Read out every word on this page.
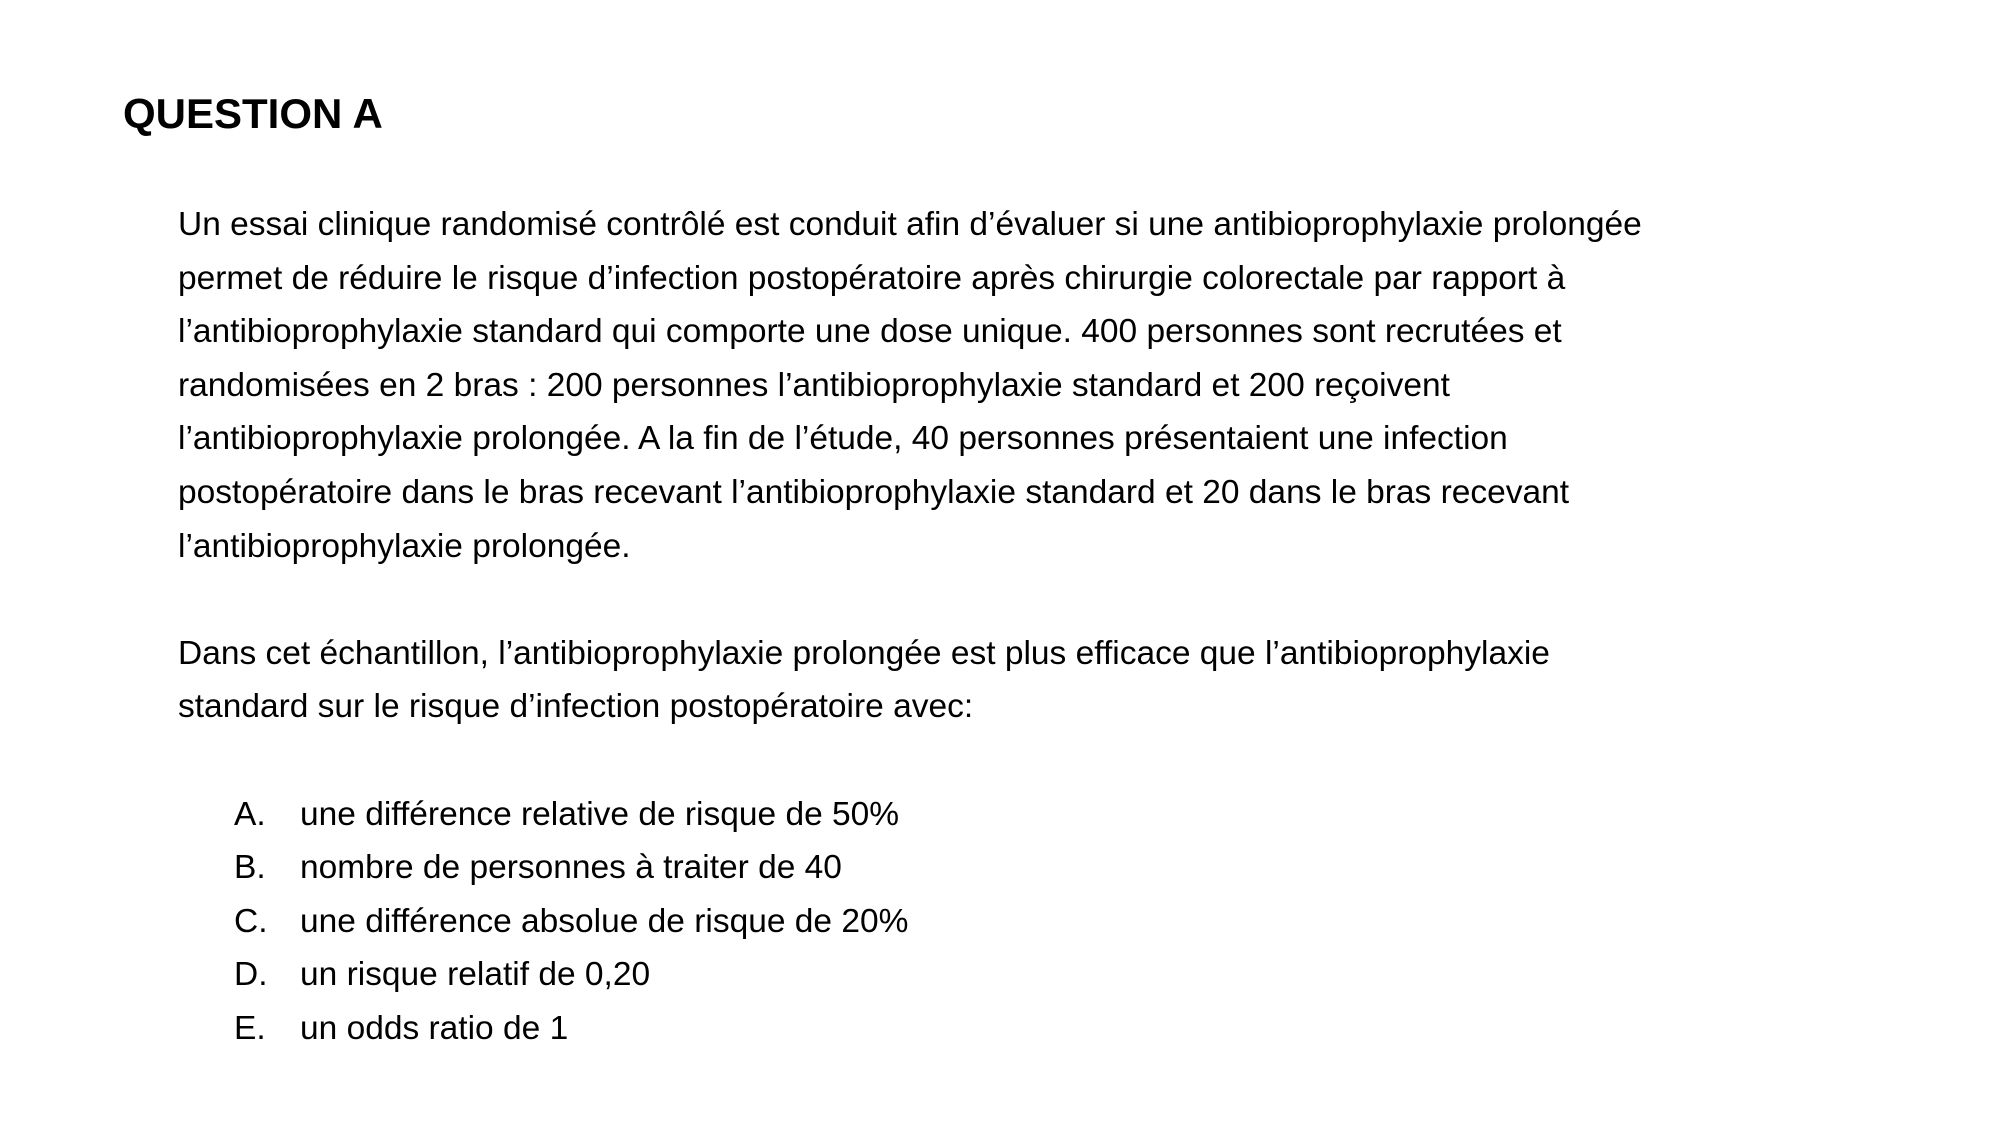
QUESTION A
Un essai clinique randomisé contrôlé est conduit afin d’évaluer si une antibioprophylaxie prolongée
permet de réduire le risque d’infection postopératoire après chirurgie colorectale par rapport à
l’antibioprophylaxie standard qui comporte une dose unique. 400 personnes sont recrutées et
randomisées en 2 bras : 200 personnes l’antibioprophylaxie standard et 200 reçoivent
l’antibioprophylaxie prolongée. A la fin de l’étude, 40 personnes présentaient une infection
postopératoire dans le bras recevant l’antibioprophylaxie standard et 20 dans le bras recevant
l’antibioprophylaxie prolongée.
Dans cet échantillon, l’antibioprophylaxie prolongée est plus efficace que l’antibioprophylaxie
standard sur le risque d’infection postopératoire avec:
A.	une différence relative de risque de 50%
B.	nombre de personnes à traiter de 40
C. une différence absolue de risque de 20%
D. un risque relatif de 0,20
E.	un odds ratio de 1
